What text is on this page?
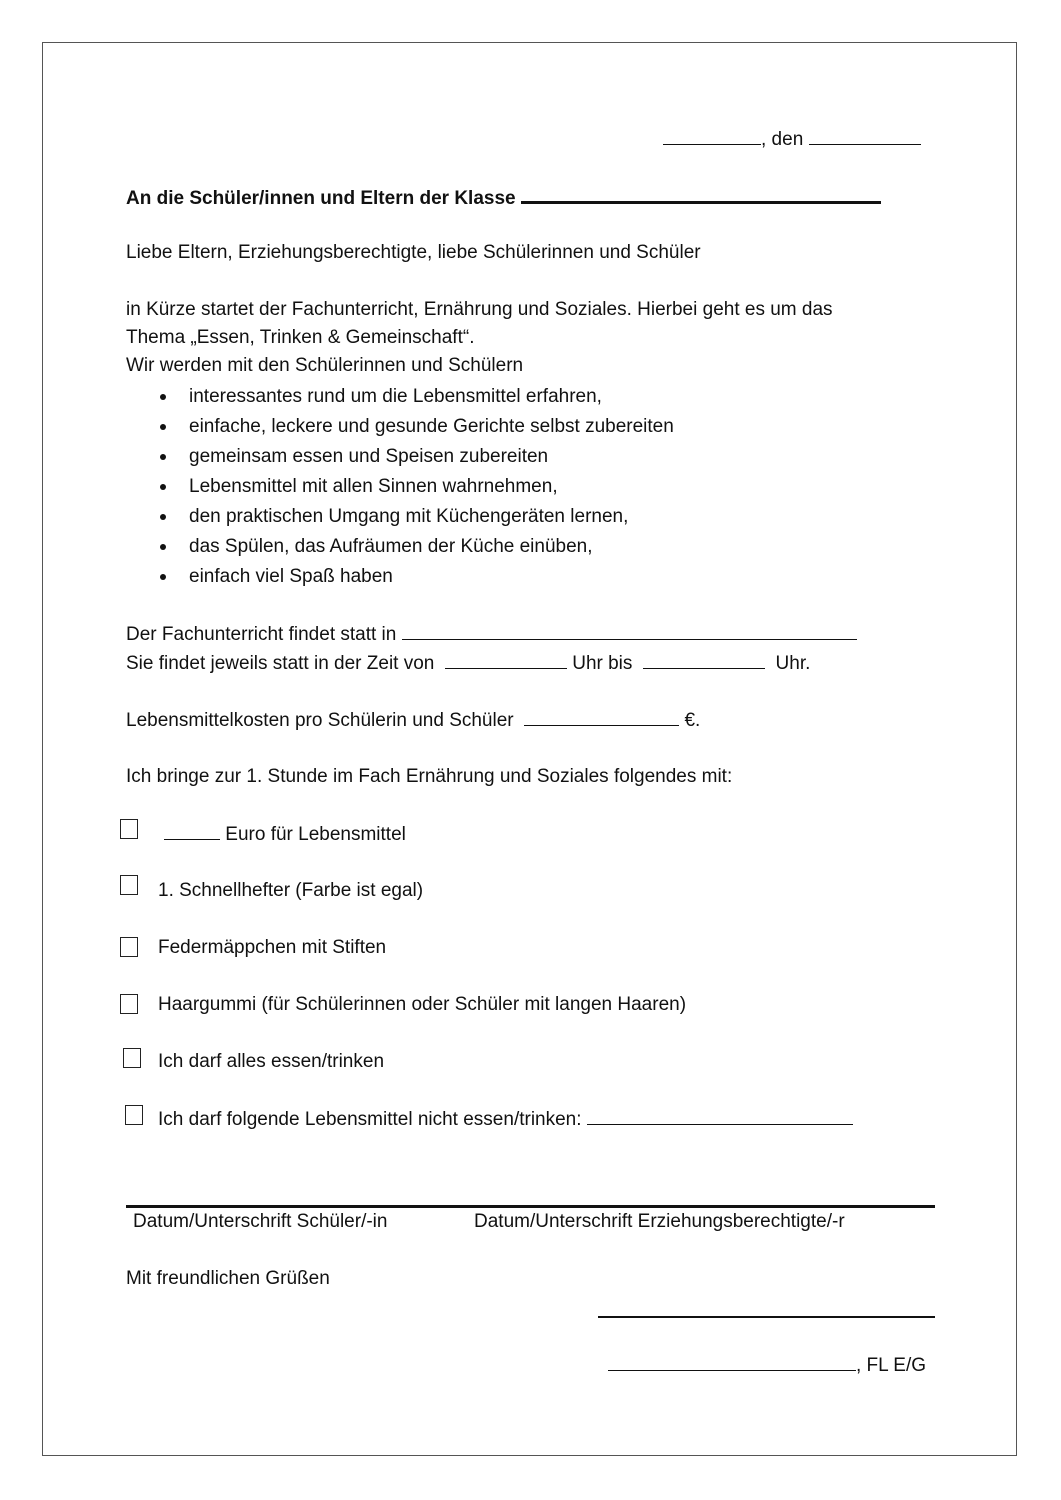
, den
An die Schüler/innen und Eltern der Klasse
Liebe Eltern, Erziehungsberechtigte, liebe Schülerinnen und Schüler
in Kürze startet der Fachunterricht, Ernährung und Soziales. Hierbei geht es um das
Thema „Essen, Trinken & Gemeinschaft“.
Wir werden mit den Schülerinnen und Schülern
interessantes rund um die Lebensmittel erfahren,
einfache, leckere und gesunde Gerichte selbst zubereiten
gemeinsam essen und Speisen zubereiten
Lebensmittel mit allen Sinnen wahrnehmen,
den praktischen Umgang mit Küchengeräten lernen,
das Spülen, das Aufräumen der Küche einüben,
einfach viel Spaß haben
Der Fachunterricht findet statt in
Sie findet jeweils statt in der Zeit von	Uhr bis	Uhr.
Lebensmittelkosten pro Schülerin und Schüler	€.
Ich bringe zur 1. Stunde im Fach Ernährung und Soziales folgendes mit:
Euro für Lebensmittel
1. Schnellhefter (Farbe ist egal)
Federmäppchen mit Stiften
Haargummi (für Schülerinnen oder Schüler mit langen Haaren)
Ich darf alles essen/trinken
Ich darf folgende Lebensmittel nicht essen/trinken:
Datum/Unterschrift Schüler/-in	Datum/Unterschrift Erziehungsberechtigte/-r
Mit freundlichen Grüßen
, FL E/G
